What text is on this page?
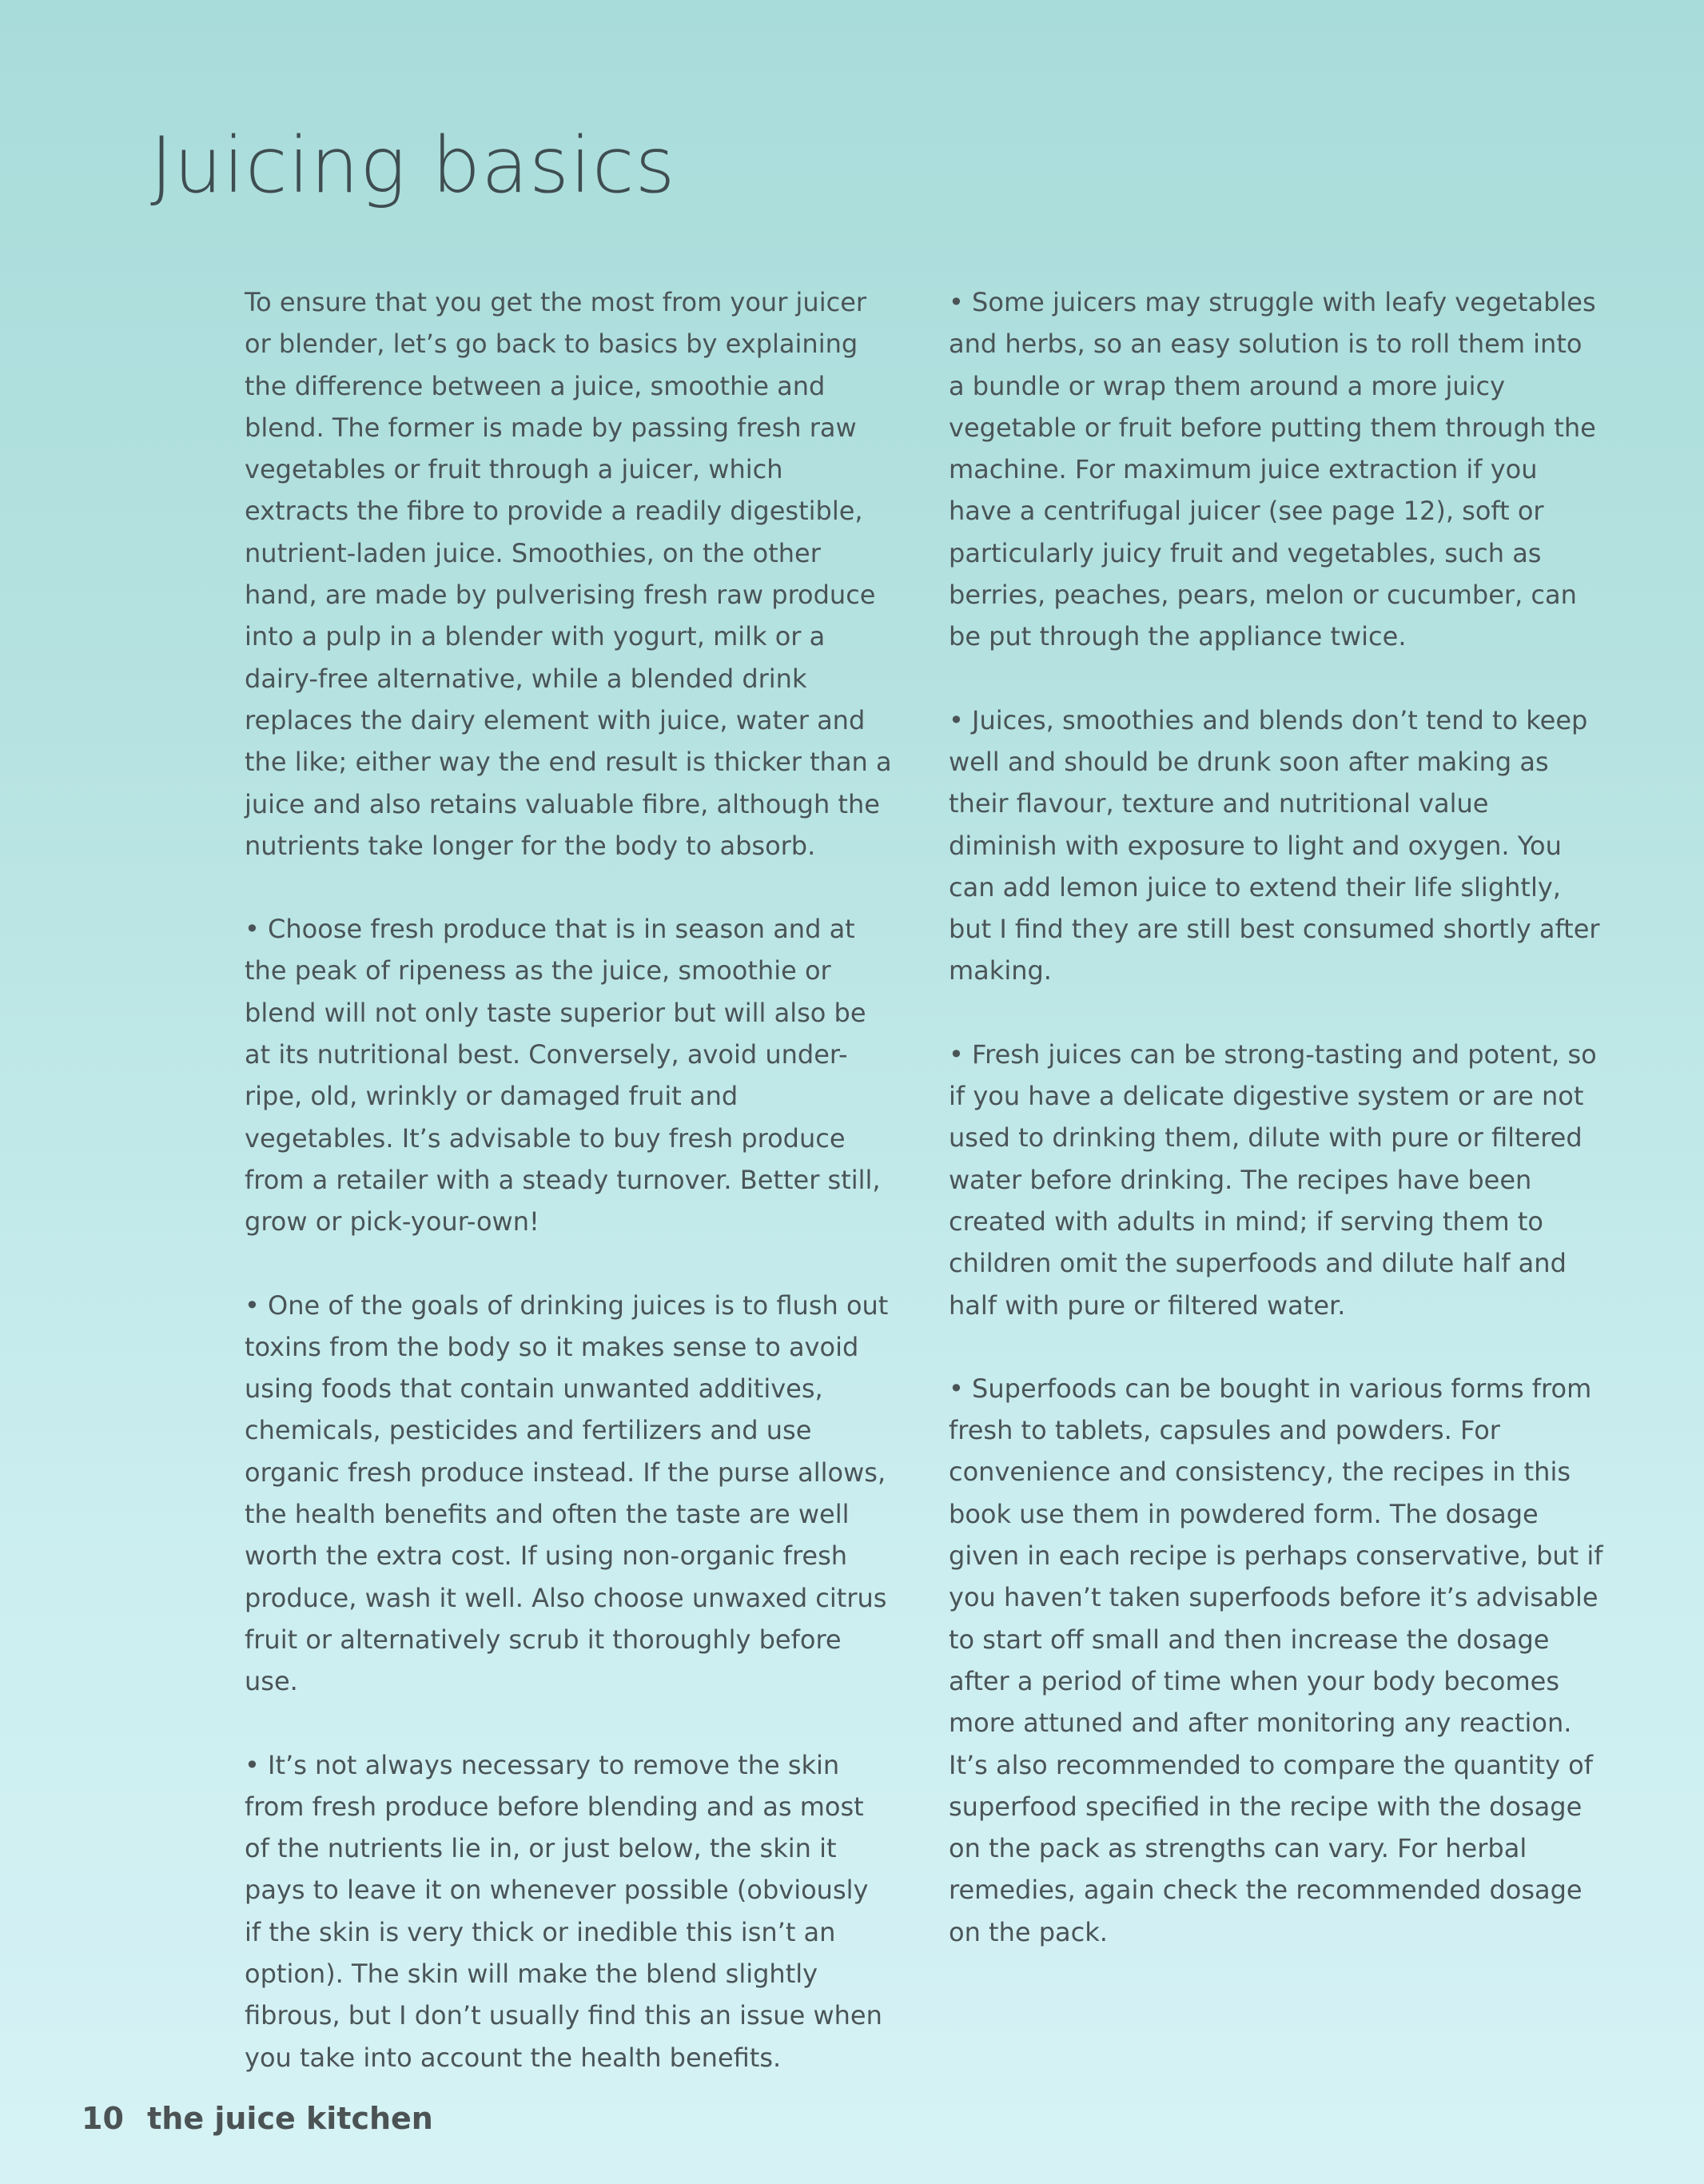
Juicing basics

To ensure that you get the most from your juicer or blender, let’s go back to basics by explaining the difference between a juice, smoothie and blend. The former is made by passing fresh raw vegetables or fruit through a juicer, which extracts the fibre to provide a readily digestible, nutrient-laden juice. Smoothies, on the other hand, are made by pulverising fresh raw produce into a pulp in a blender with yogurt, milk or a dairy-free alternative, while a blended drink replaces the dairy element with juice, water and the like; either way the end result is thicker than a juice and also retains valuable fibre, although the nutrients take longer for the body to absorb.

• Choose fresh produce that is in season and at the peak of ripeness as the juice, smoothie or blend will not only taste superior but will also be at its nutritional best. Conversely, avoid under-ripe, old, wrinkly or damaged fruit and vegetables. It’s advisable to buy fresh produce from a retailer with a steady turnover. Better still, grow or pick-your-own!

• One of the goals of drinking juices is to flush out toxins from the body so it makes sense to avoid using foods that contain unwanted additives, chemicals, pesticides and fertilizers and use organic fresh produce instead. If the purse allows, the health benefits and often the taste are well worth the extra cost. If using non-organic fresh produce, wash it well. Also choose unwaxed citrus fruit or alternatively scrub it thoroughly before use.

• It’s not always necessary to remove the skin from fresh produce before blending and as most of the nutrients lie in, or just below, the skin it pays to leave it on whenever possible (obviously if the skin is very thick or inedible this isn’t an option). The skin will make the blend slightly fibrous, but I don’t usually find this an issue when you take into account the health benefits.

• Some juicers may struggle with leafy vegetables and herbs, so an easy solution is to roll them into a bundle or wrap them around a more juicy vegetable or fruit before putting them through the machine. For maximum juice extraction if you have a centrifugal juicer (see page 12), soft or particularly juicy fruit and vegetables, such as berries, peaches, pears, melon or cucumber, can be put through the appliance twice.

• Juices, smoothies and blends don’t tend to keep well and should be drunk soon after making as their flavour, texture and nutritional value diminish with exposure to light and oxygen. You can add lemon juice to extend their life slightly, but I find they are still best consumed shortly after making.

• Fresh juices can be strong-tasting and potent, so if you have a delicate digestive system or are not used to drinking them, dilute with pure or filtered water before drinking. The recipes have been created with adults in mind; if serving them to children omit the superfoods and dilute half and half with pure or filtered water.

• Superfoods can be bought in various forms from fresh to tablets, capsules and powders. For convenience and consistency, the recipes in this book use them in powdered form. The dosage given in each recipe is perhaps conservative, but if you haven’t taken superfoods before it’s advisable to start off small and then increase the dosage after a period of time when your body becomes more attuned and after monitoring any reaction. It’s also recommended to compare the quantity of superfood specified in the recipe with the dosage on the pack as strengths can vary. For herbal remedies, again check the recommended dosage on the pack.

10 the juice kitchen
